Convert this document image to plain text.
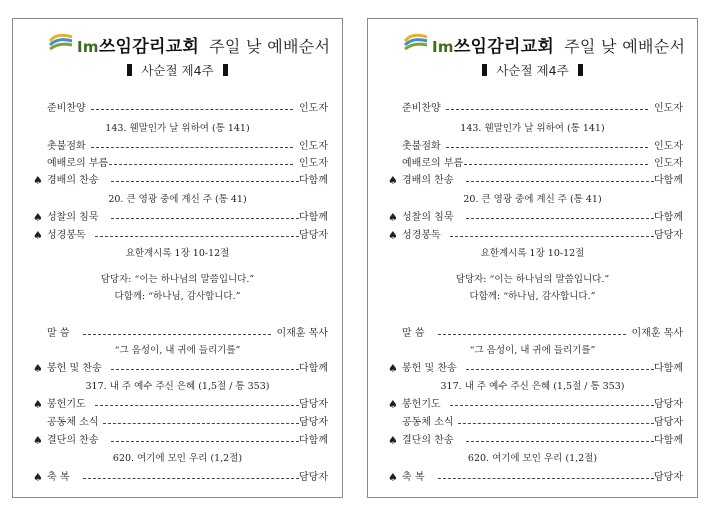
Im쓰임감리교회 주일 낮 예배순서
사순절 제4주
준비찬양	인도자
143. 웬말인가 날 위하여 (통 141)
촛불점화	인도자
예배로의 부름	인도자
♠ 경배의 찬송	다함께
20. 큰 영광 중에 계신 주 (통 41)
♠ 성찰의 침묵	다함께
♠ 성경봉독	담당자
요한계시록 1장 10-12절
담당자: “이는 하나님의 말씀입니다.”
다함께: “하나님, 감사합니다.”
말 씀	이재훈 목사
“그 음성이, 내 귀에 들리기를”
♠ 봉헌 및 찬송	다함께
317. 내 주 예수 주신 은혜 (1,5절 / 통 353)
♠ 봉헌기도	담당자
공동체 소식	담당자
♠ 결단의 찬송	다함께
620. 여기에 모인 우리 (1,2절)
♠ 축 복	담당자
Im쓰임감리교회 주일 낮 예배순서
사순절 제4주
준비찬양	인도자
143. 웬말인가 날 위하여 (통 141)
촛불점화	인도자
예배로의 부름	인도자
♠ 경배의 찬송	다함께
20. 큰 영광 중에 계신 주 (통 41)
♠ 성찰의 침묵	다함께
♠ 성경봉독	담당자
요한계시록 1장 10-12절
담당자: “이는 하나님의 말씀입니다.”
다함께: “하나님, 감사합니다.”
말 씀	이재훈 목사
“그 음성이, 내 귀에 들리기를”
♠ 봉헌 및 찬송	다함께
317. 내 주 예수 주신 은혜 (1,5절 / 통 353)
♠ 봉헌기도	담당자
공동체 소식	담당자
♠ 결단의 찬송	다함께
620. 여기에 모인 우리 (1,2절)
♠ 축 복	담당자
